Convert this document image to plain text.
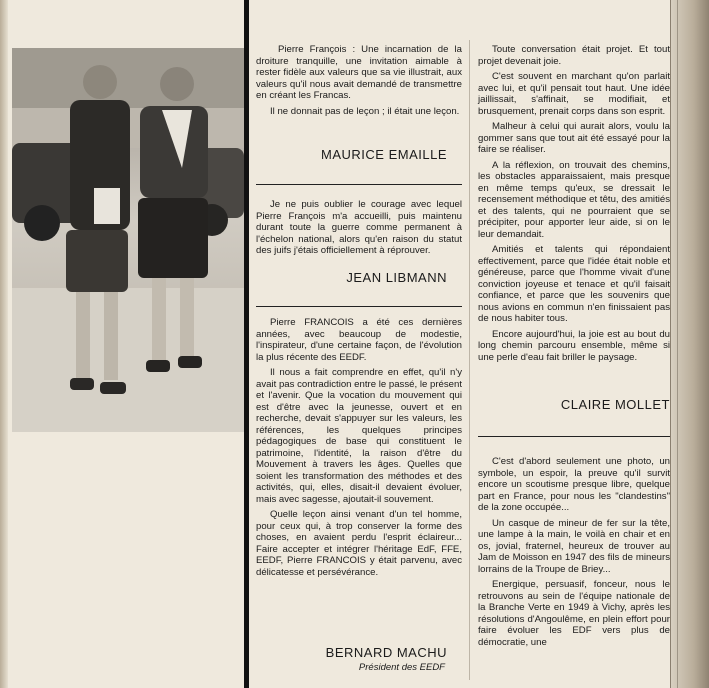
Pierre François : Une incarnation de la droiture tranquille, une invitation aimable à rester fidèle aux valeurs que sa vie illustrait, aux valeurs qu'il nous avait demandé de transmettre en créant les Francas.

Il ne donnait pas de leçon ; il était une leçon.

MAURICE EMAILLE

Je ne puis oublier le courage avec lequel Pierre François m'a accueilli, puis maintenu durant toute la guerre comme permanent à l'échelon national, alors qu'en raison du statut des juifs j'étais officiellement à réprouver.

JEAN LIBMANN

Pierre FRANCOIS a été ces dernières années, avec beaucoup de modestie, l'inspirateur, d'une certaine façon, de l'évolution la plus récente des EEDF.

Il nous a fait comprendre en effet, qu'il n'y avait pas contradiction entre le passé, le présent et l'avenir. Que la vocation du mouvement qui est d'être avec la jeunesse, ouvert et en recherche, devait s'appuyer sur les valeurs, les références, les quelques principes pédagogiques de base qui constituent le patrimoine, l'identité, la raison d'être du Mouvement à travers les âges. Quelles que soient les transformation des méthodes et des activités, qui, elles, disait-il devaient évoluer, mais avec sagesse, ajoutait-il souvement.

Quelle leçon ainsi venant d'un tel homme, pour ceux qui, à trop conserver la forme des choses, en avaient perdu l'esprit éclaireur... Faire accepter et intégrer l'héritage EdF, FFE, EEDF, Pierre FRANCOIS y était parvenu, avec délicatesse et persévérance.

BERNARD MACHU
Président des EEDF

Toute conversation était projet. Et tout projet devenait joie.

C'est souvent en marchant qu'on parlait avec lui, et qu'il pensait tout haut. Une idée jaillissait, s'affinait, se modifiait, et brusquement, prenait corps dans son esprit.

Malheur à celui qui aurait alors, voulu la gommer sans que tout ait été essayé pour la faire se réaliser.

A la réflexion, on trouvait des chemins, les obstacles apparaissaient, mais presque en même temps qu'eux, se dressait le recensement méthodique et têtu, des amitiés et des talents, qui ne pourraient que se précipiter, pour apporter leur aide, si on le leur demandait.

Amitiés et talents qui répondaient effectivement, parce que l'idée était noble et généreuse, parce que l'homme vivait d'une conviction joyeuse et tenace et qu'il faisait confiance, et parce que les souvenirs que nous avions en commun n'en finissaient pas de nous habiter tous.

Encore aujourd'hui, la joie est au bout du long chemin parcouru ensemble, même si une perle d'eau fait briller le paysage.

CLAIRE MOLLET

C'est d'abord seulement une photo, un symbole, un espoir, la preuve qu'il survit encore un scoutisme presque libre, quelque part en France, pour nous les "clandestins" de la zone occupée...

Un casque de mineur de fer sur la tête, une lampe à la main, le voilà en chair et en os, jovial, fraternel, heureux de trouver au Jam de Moisson en 1947 des fils de mineurs lorrains de la Troupe de Briey...

Energique, persuasif, fonceur, nous le retrouvons au sein de l'équipe nationale de la Branche Verte en 1949 à Vichy, après les résolutions d'Angoulême, en plein effort pour faire évoluer les EDF vers plus de démocratie, une
